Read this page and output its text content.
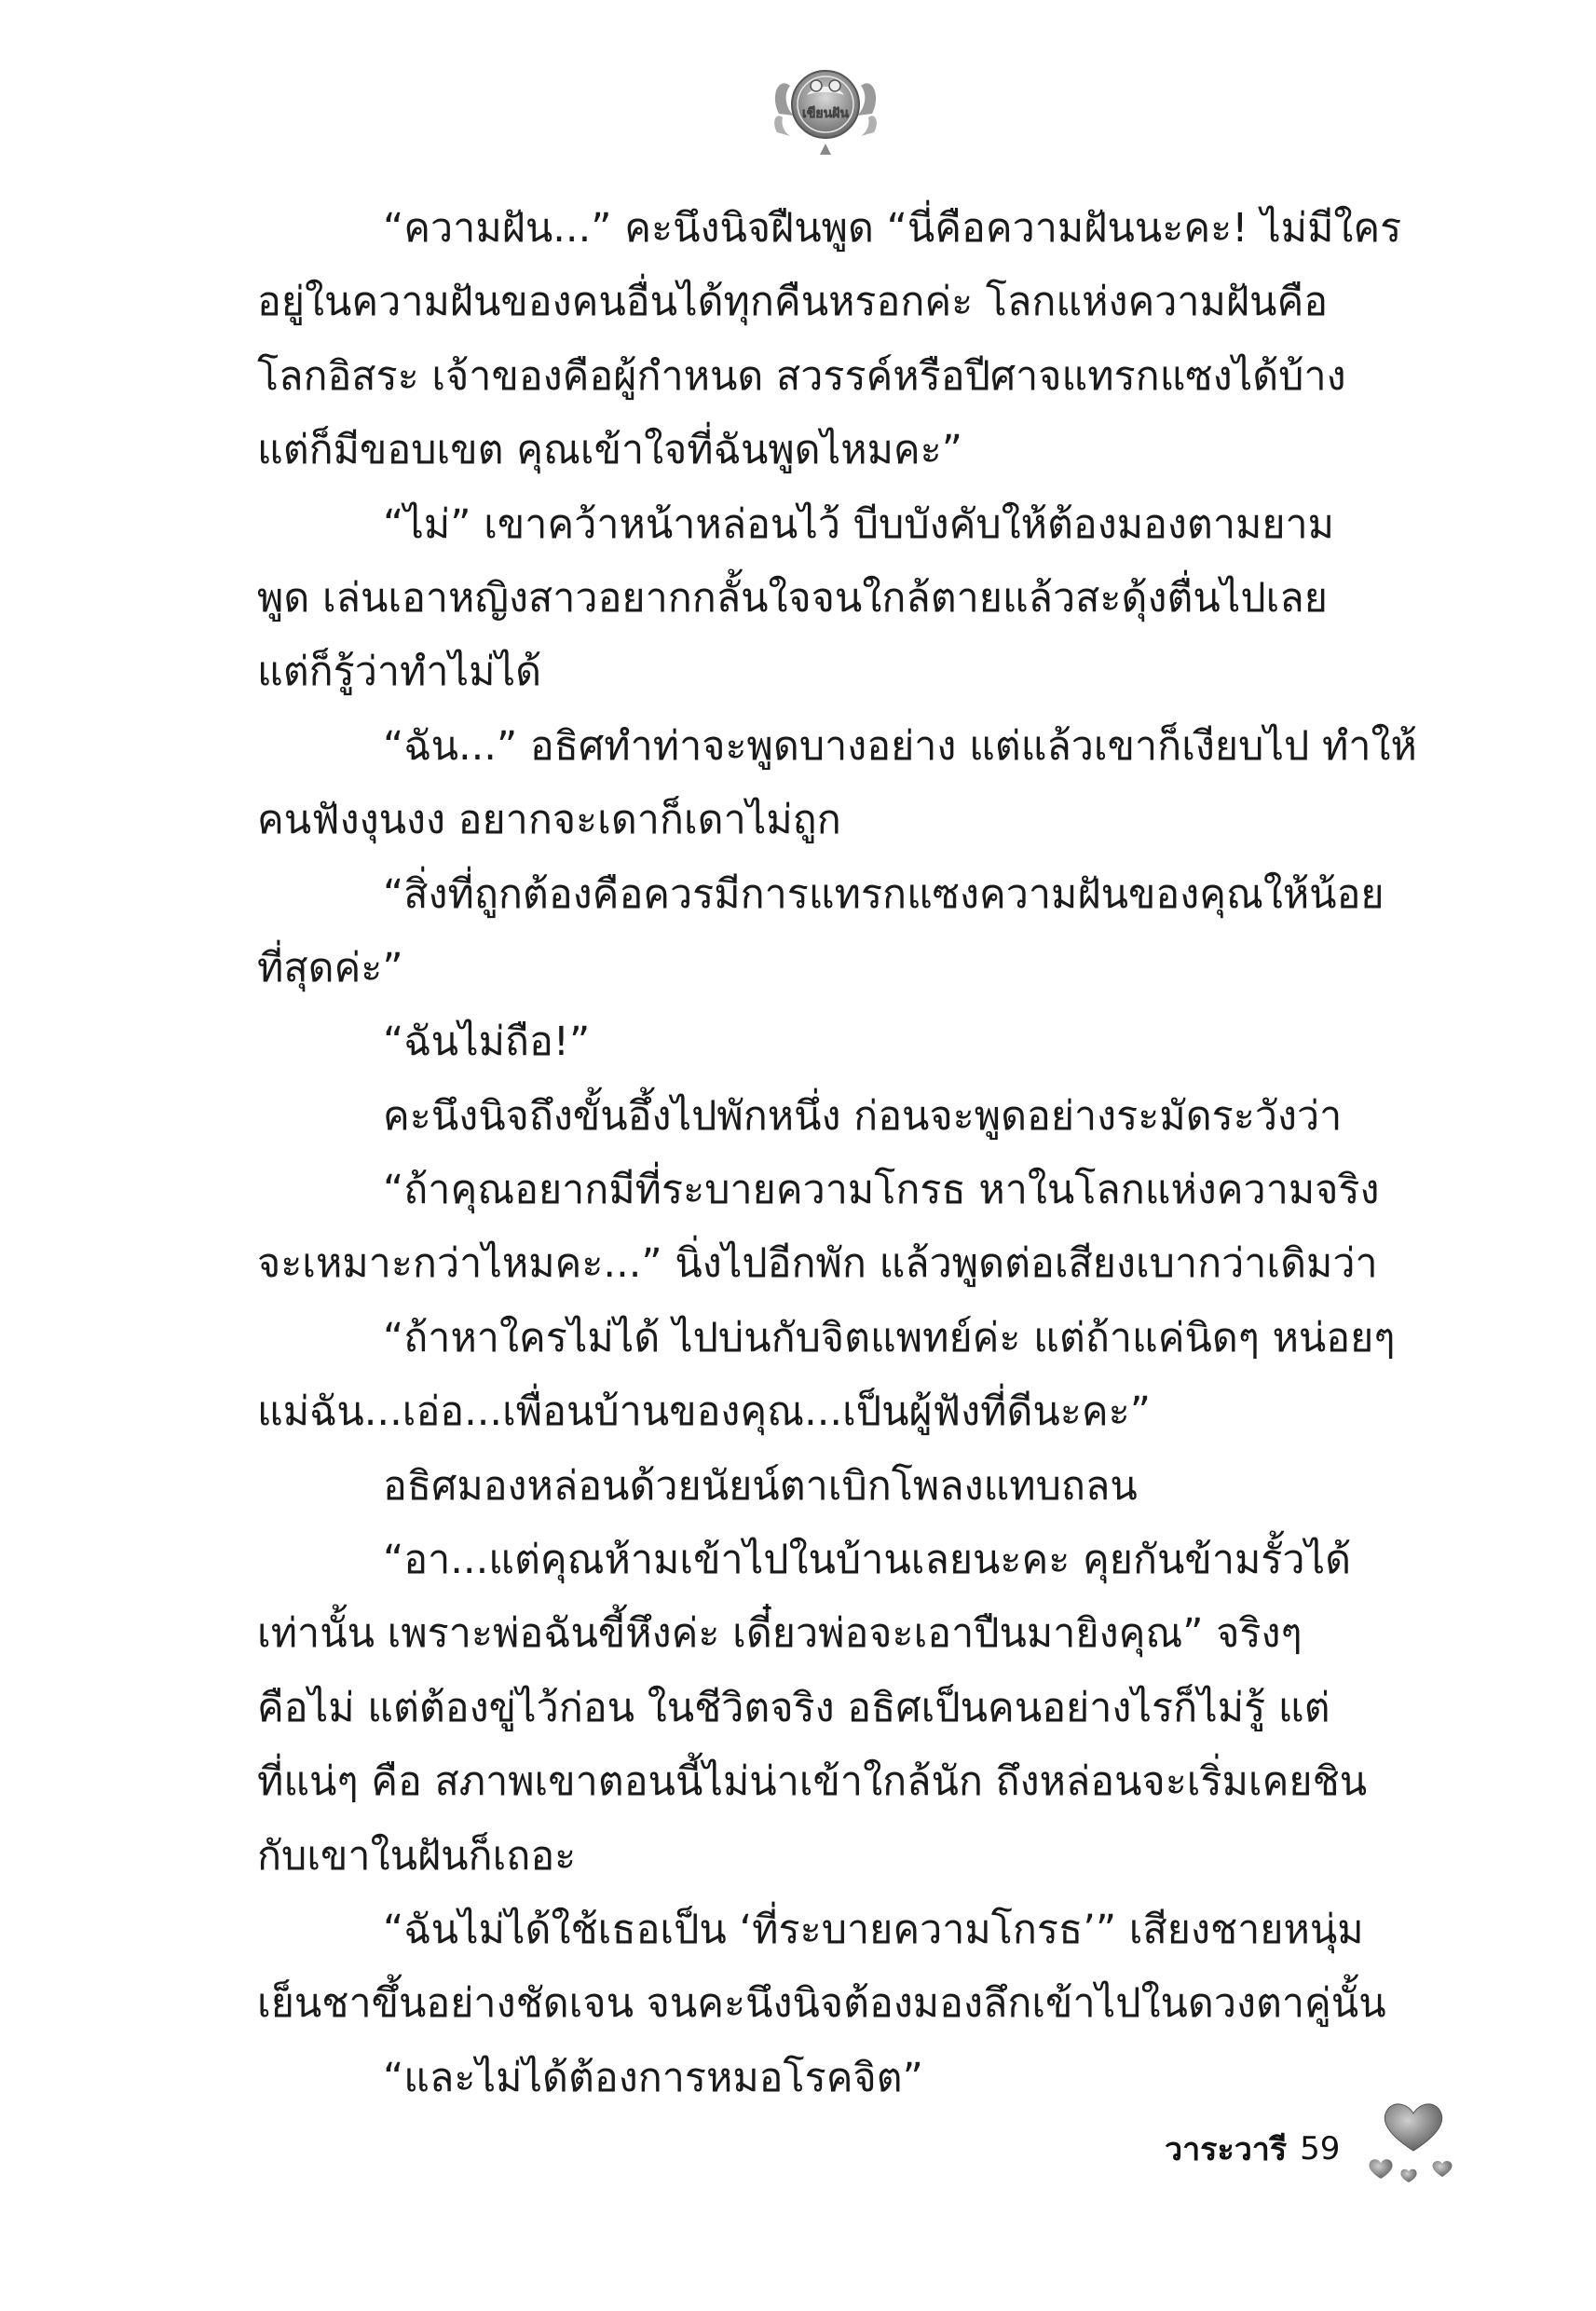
เขียนฝัน
“ความฝัน...” คะนึงนิจฝืนพูด “นี่คือความฝันนะคะ! ไม่มีใคร
อยู่ในความฝันของคนอื่นได้ทุกคืนหรอกค่ะ โลกแห่งความฝันคือ
โลกอิสระ เจ้าของคือผู้กำหนด สวรรค์หรือปีศาจแทรกแซงได้บ้าง
แต่ก็มีขอบเขต คุณเข้าใจที่ฉันพูดไหมคะ”
“ไม่” เขาคว้าหน้าหล่อนไว้ บีบบังคับให้ต้องมองตามยาม
พูด เล่นเอาหญิงสาวอยากกลั้นใจจนใกล้ตายแล้วสะดุ้งตื่นไปเลย
แต่ก็รู้ว่าทำไม่ได้
“ฉัน...” อธิศทำท่าจะพูดบางอย่าง แต่แล้วเขาก็เงียบไป ทำให้
คนฟังงุนงง อยากจะเดาก็เดาไม่ถูก
“สิ่งที่ถูกต้องคือควรมีการแทรกแซงความฝันของคุณให้น้อย
ที่สุดค่ะ”
“ฉันไม่ถือ!”
คะนึงนิจถึงขั้นอึ้งไปพักหนึ่ง ก่อนจะพูดอย่างระมัดระวังว่า
“ถ้าคุณอยากมีที่ระบายความโกรธ หาในโลกแห่งความจริง
จะเหมาะกว่าไหมคะ...” นิ่งไปอีกพัก แล้วพูดต่อเสียงเบากว่าเดิมว่า
“ถ้าหาใครไม่ได้ ไปบ่นกับจิตแพทย์ค่ะ แต่ถ้าแค่นิดๆ หน่อยๆ
แม่ฉัน...เอ่อ...เพื่อนบ้านของคุณ...เป็นผู้ฟังที่ดีนะคะ”
อธิศมองหล่อนด้วยนัยน์ตาเบิกโพลงแทบถลน
“อา...แต่คุณห้ามเข้าไปในบ้านเลยนะคะ คุยกันข้ามรั้วได้
เท่านั้น เพราะพ่อฉันขี้หึงค่ะ เดี๋ยวพ่อจะเอาปืนมายิงคุณ” จริงๆ
คือไม่ แต่ต้องขู่ไว้ก่อน ในชีวิตจริง อธิศเป็นคนอย่างไรก็ไม่รู้ แต่
ที่แน่ๆ คือ สภาพเขาตอนนี้ไม่น่าเข้าใกล้นัก ถึงหล่อนจะเริ่มเคยชิน
กับเขาในฝันก็เถอะ
“ฉันไม่ได้ใช้เธอเป็น ‘ที่ระบายความโกรธ’” เสียงชายหนุ่ม
เย็นชาขึ้นอย่างชัดเจน จนคะนึงนิจต้องมองลึกเข้าไปในดวงตาคู่นั้น
“และไม่ได้ต้องการหมอโรคจิต”
วาระวารี 59
